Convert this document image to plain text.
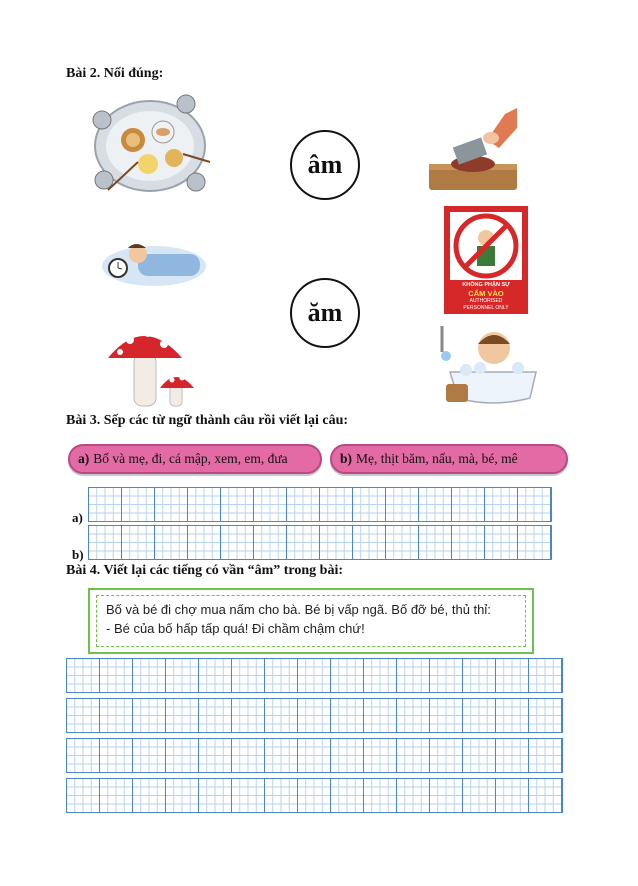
Bài 2. Nối đúng:
âm
KHÔNG PHẬN SỰ
CẤM VÀO
AUTHORISED
PERSONNEL ONLY
ăm
Bài 3. Sếp các từ ngữ thành câu rồi viết lại câu:
a) Bố và mẹ, đi, cá mập, xem, em, đưa	b) Mẹ, thịt băm, nấu, mà, bé, mê
a)
b)
Bài 4. Viết lại các tiếng có vần “âm” trong bài:
Bố và bé đi chợ mua nấm cho bà. Bé bị vấp ngã. Bố đỡ bé, thủ thỉ:
- Bé của bố hấp tấp quá! Đi chầm chậm chứ!
